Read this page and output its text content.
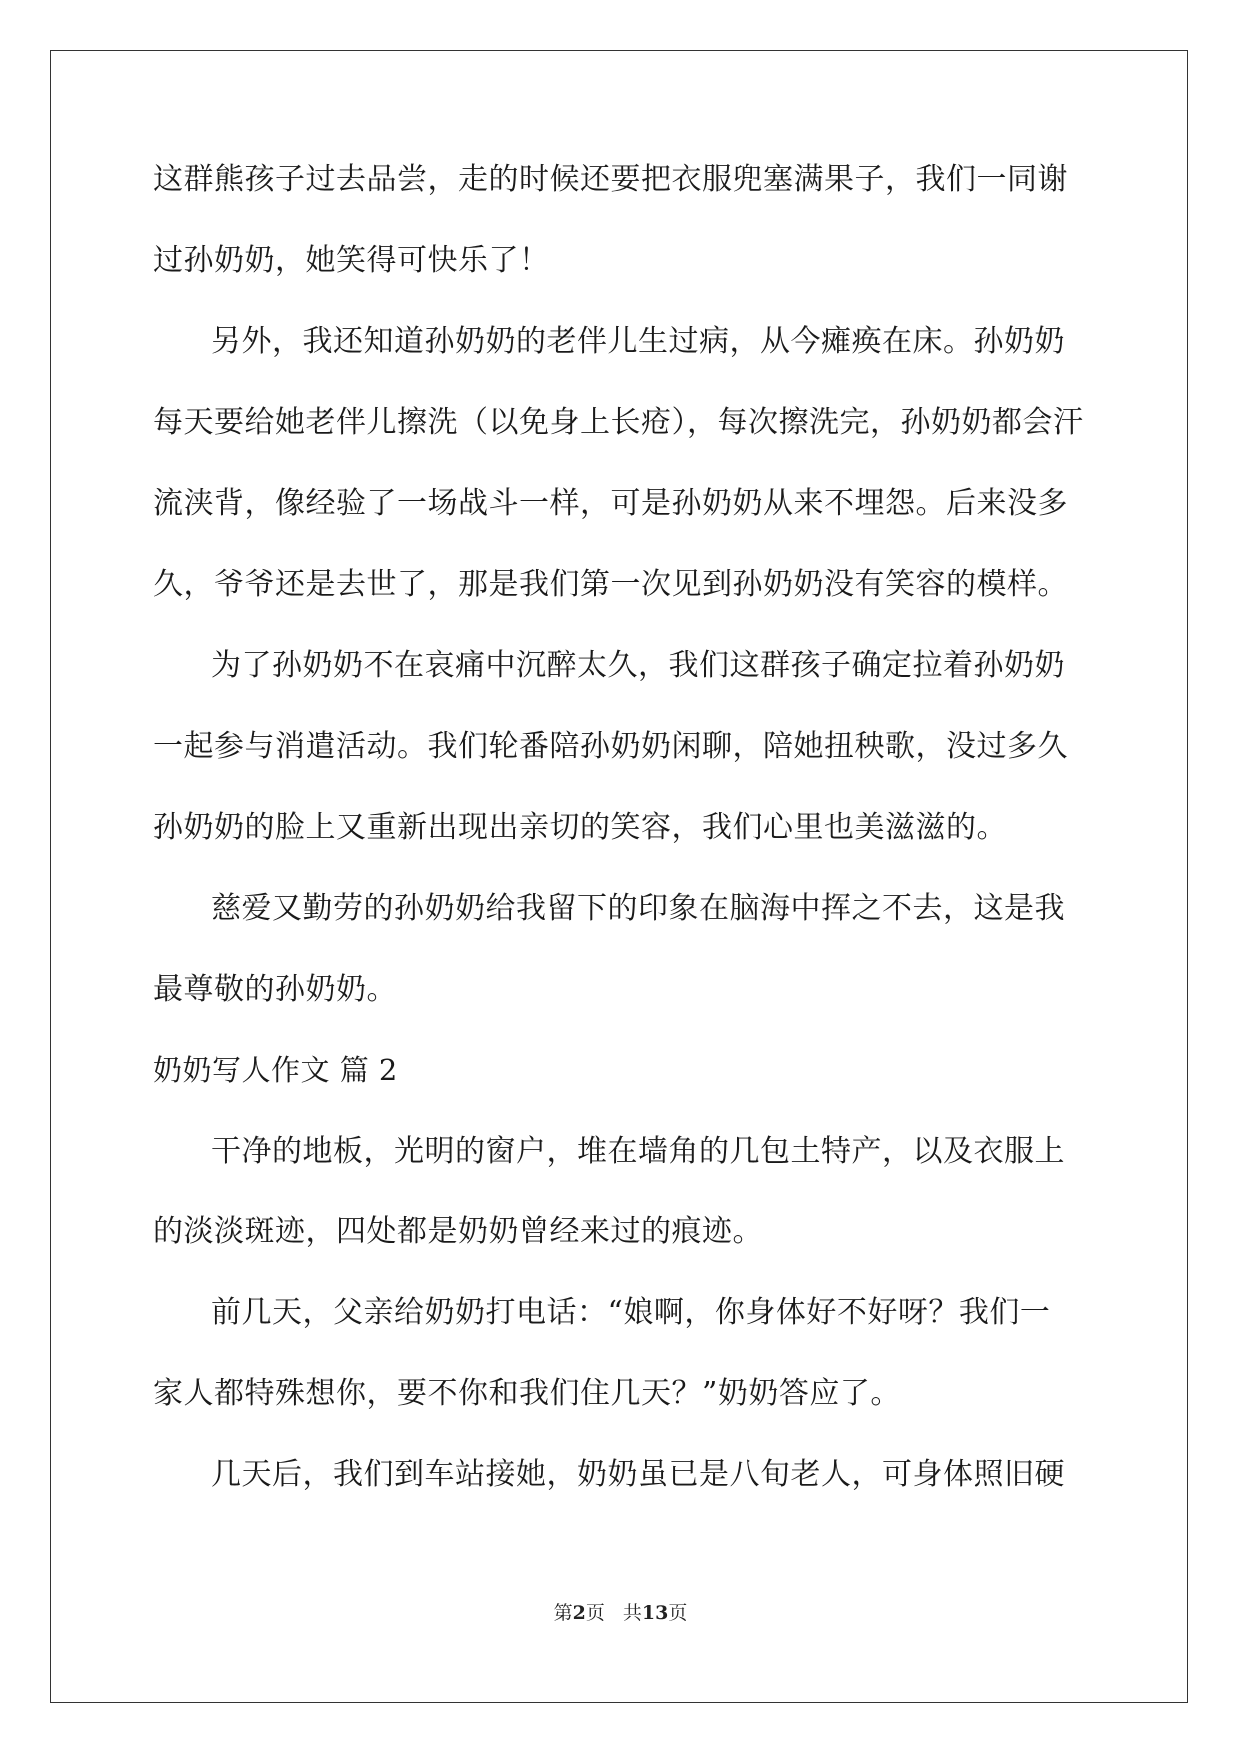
这群熊孩子过去品尝，走的时候还要把衣服兜塞满果子，我们一同谢
过孙奶奶，她笑得可快乐了！
另外，我还知道孙奶奶的老伴儿生过病，从今瘫痪在床。孙奶奶
每天要给她老伴儿擦洗（以免身上长疮），每次擦洗完，孙奶奶都会汗
流浃背，像经验了一场战斗一样，可是孙奶奶从来不埋怨。后来没多
久，爷爷还是去世了，那是我们第一次见到孙奶奶没有笑容的模样。
为了孙奶奶不在哀痛中沉醉太久，我们这群孩子确定拉着孙奶奶
一起参与消遣活动。我们轮番陪孙奶奶闲聊，陪她扭秧歌，没过多久
孙奶奶的脸上又重新出现出亲切的笑容，我们心里也美滋滋的。
慈爱又勤劳的孙奶奶给我留下的印象在脑海中挥之不去，这是我
最尊敬的孙奶奶。
奶奶写人作文 篇 2
干净的地板，光明的窗户，堆在墙角的几包土特产，以及衣服上
的淡淡斑迹，四处都是奶奶曾经来过的痕迹。
前几天，父亲给奶奶打电话：“娘啊，你身体好不好呀？我们一
家人都特殊想你，要不你和我们住几天？”奶奶答应了。
几天后，我们到车站接她，奶奶虽已是八旬老人，可身体照旧硬
第2页 共13页
